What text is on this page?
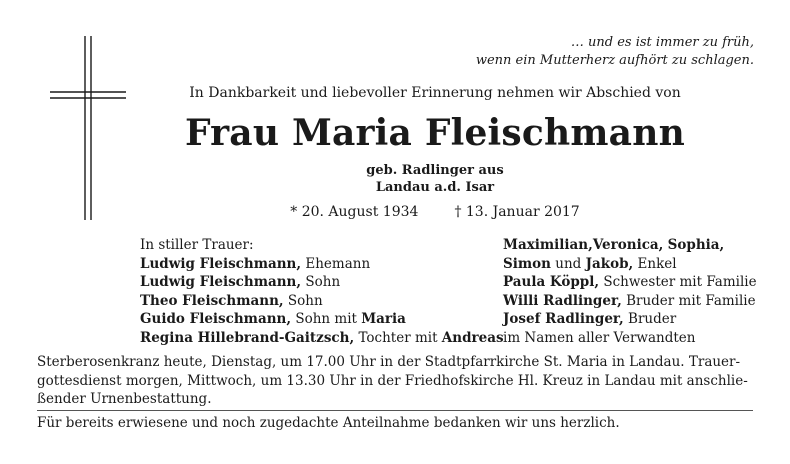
… und es ist immer zu früh,
wenn ein Mutterherz aufhört zu schlagen.
In Dankbarkeit und liebevoller Erinnerung nehmen wir Abschied von
Frau Maria Fleischmann
geb. Radlinger aus
Landau a.d. Isar
* 20. August 1934	† 13. Januar 2017
In stiller Trauer:
Ludwig Fleischmann, Ehemann
Ludwig Fleischmann, Sohn
Theo Fleischmann, Sohn
Guido Fleischmann, Sohn mit Maria
Regina Hillebrand-Gaitzsch, Tochter mit Andreas
Maximilian,Veronica, Sophia,
Simon und Jakob, Enkel
Paula Köppl, Schwester mit Familie
Willi Radlinger, Bruder mit Familie
Josef Radlinger, Bruder
im Namen aller Verwandten
Sterberosenkranz heute, Dienstag, um 17.00 Uhr in der Stadtpfarrkirche St. Maria in Landau. Trauer-
gottesdienst morgen, Mittwoch, um 13.30 Uhr in der Friedhofskirche Hl. Kreuz in Landau mit anschlie-
ßender Urnenbestattung.
Für bereits erwiesene und noch zugedachte Anteilnahme bedanken wir uns herzlich.
